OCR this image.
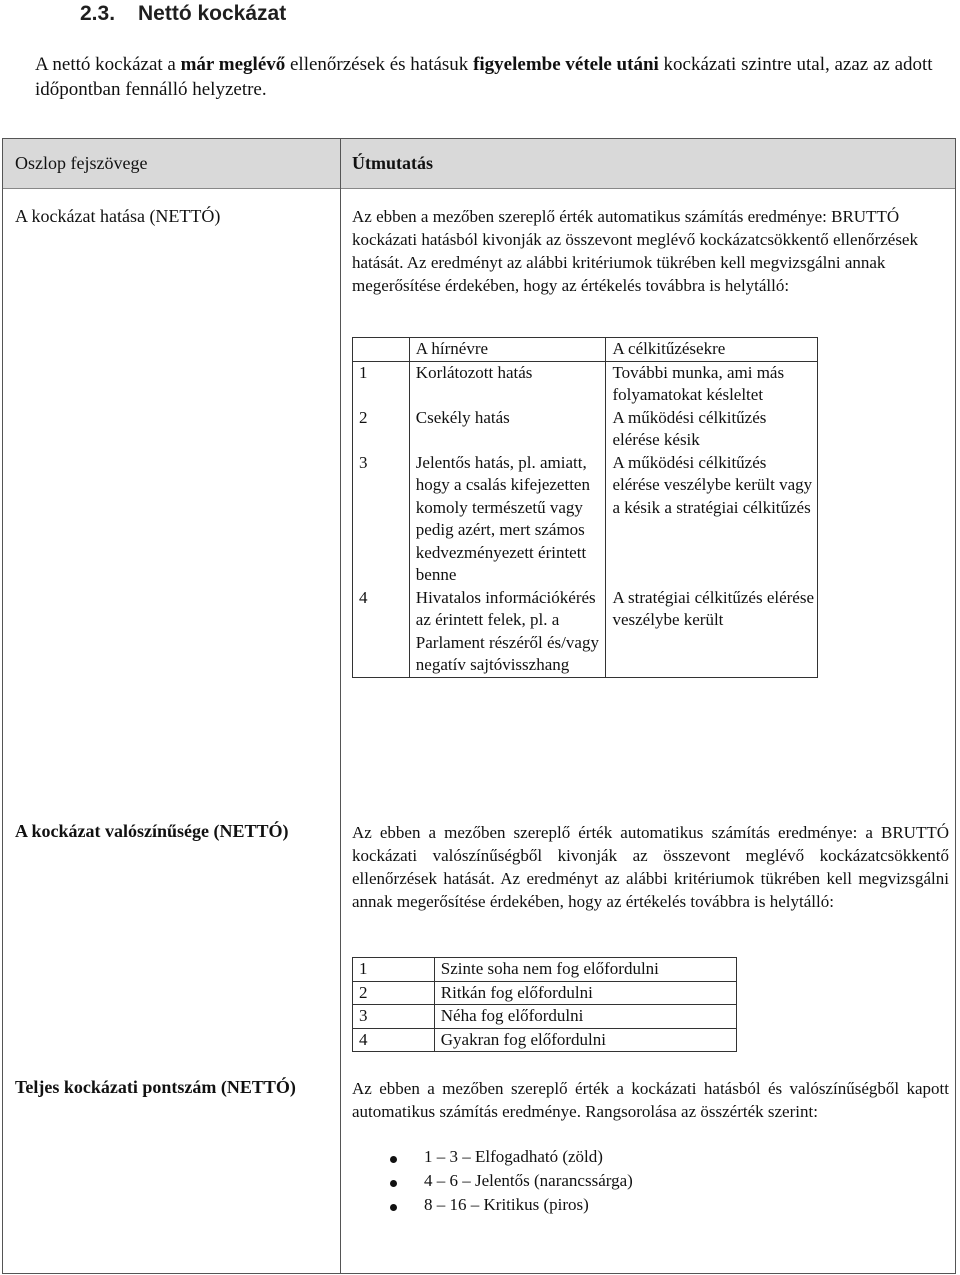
2.3. Nettó kockázat
A nettó kockázat a már meglévő ellenőrzések és hatásuk figyelembe vétele utáni kockázati szintre utal, azaz az adott időpontban fennálló helyzetre.
Oszlop fejszövege	Útmutatás
A kockázat hatása (NETTÓ)	Az ebben a mezőben szereplő érték automatikus számítás eredménye: BRUTTÓ kockázati hatásból kivonják az összevont meglévő kockázatcsökkentő ellenőrzések hatását. Az eredményt az alábbi kritériumok tükrében kell megvizsgálni annak megerősítése érdekében, hogy az értékelés továbbra is helytálló:
	A hírnévre	A célkitűzésekre
1	Korlátozott hatás	További munka, ami más folyamatokat késleltet
2	Csekély hatás	A működési célkitűzés elérése késik
3	Jelentős hatás, pl. amiatt, hogy a csalás kifejezetten komoly természetű vagy pedig azért, mert számos kedvezményezett érintett benne	A működési célkitűzés elérése veszélybe került vagy a késik a stratégiai célkitűzés
4	Hivatalos információkérés az érintett felek, pl. a Parlament részéről és/vagy negatív sajtóvisszhang	A stratégiai célkitűzés elérése veszélybe került
A kockázat valószínűsége (NETTÓ)	Az ebben a mezőben szereplő érték automatikus számítás eredménye: a BRUTTÓ kockázati valószínűségből kivonják az összevont meglévő kockázatcsökkentő ellenőrzések hatását. Az eredményt az alábbi kritériumok tükrében kell megvizsgálni annak megerősítése érdekében, hogy az értékelés továbbra is helytálló:
1	Szinte soha nem fog előfordulni
2	Ritkán fog előfordulni
3	Néha fog előfordulni
4	Gyakran fog előfordulni
Teljes kockázati pontszám (NETTÓ)	Az ebben a mezőben szereplő érték a kockázati hatásból és valószínűségből kapott automatikus számítás eredménye. Rangsorolása az összérték szerint:
1 – 3 – Elfogadható (zöld)
4 – 6 – Jelentős (narancssárga)
8 – 16 – Kritikus (piros)
